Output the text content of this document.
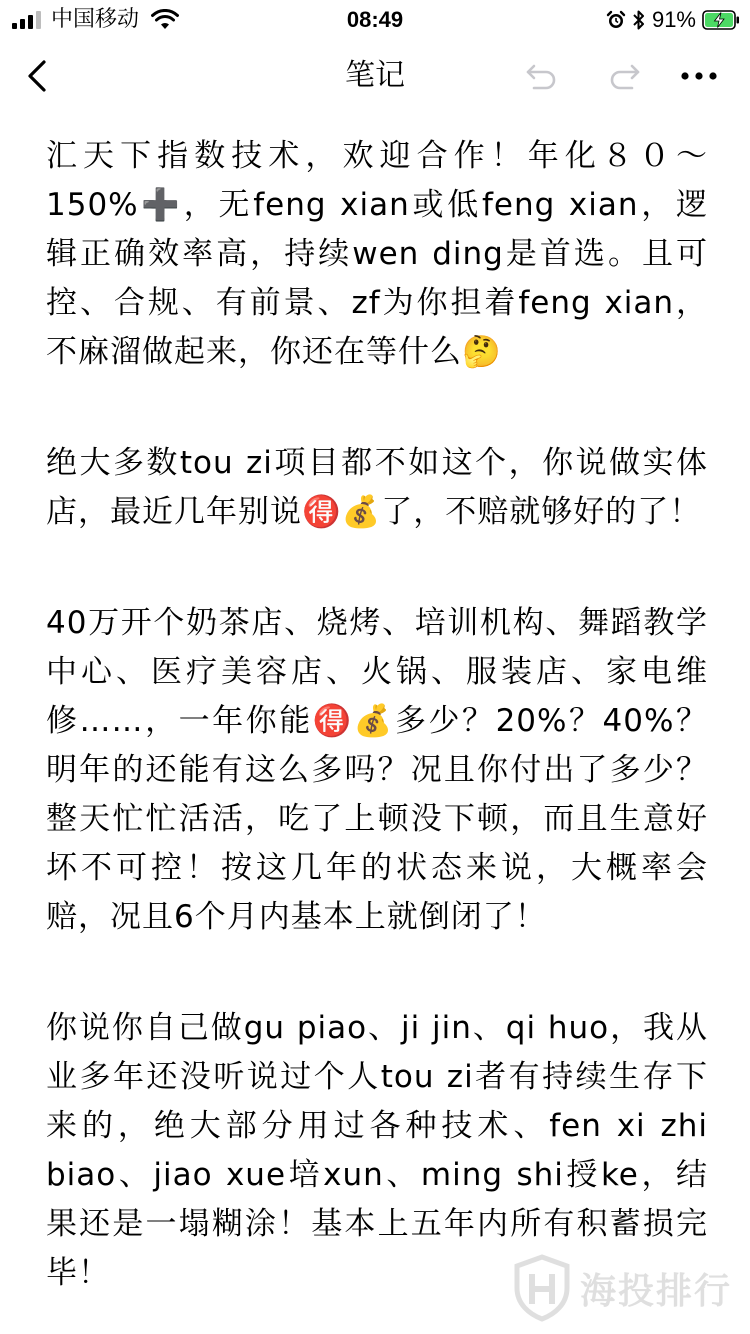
中国移动	08:49	91%
笔记

汇天下指数技术，欢迎合作！年化８０～150%➕，无feng xian或低feng xian，逻辑正确效率高，持续wen ding是首选。且可控、合规、有前景、zf为你担着feng xian，不麻溜做起来，你还在等什么🤔

绝大多数tou zi项目都不如这个，你说做实体店，最近几年别说🉐💰了，不赔就够好的了！

40万开个奶茶店、烧烤、培训机构、舞蹈教学中心、医疗美容店、火锅、服装店、家电维修……，一年你能🉐💰多少？20%？40%？明年的还能有这么多吗？况且你付出了多少？整天忙忙活活，吃了上顿没下顿，而且生意好坏不可控！按这几年的状态来说，大概率会赔，况且6个月内基本上就倒闭了！

你说你自己做gu piao、ji jin、qi huo，我从业多年还没听说过个人tou zi者有持续生存下来的，绝大部分用过各种技术、fen xi zhi biao、jiao xue培xun、ming shi授ke，结果还是一塌糊涂！基本上五年内所有积蓄损完毕！	海投排行
